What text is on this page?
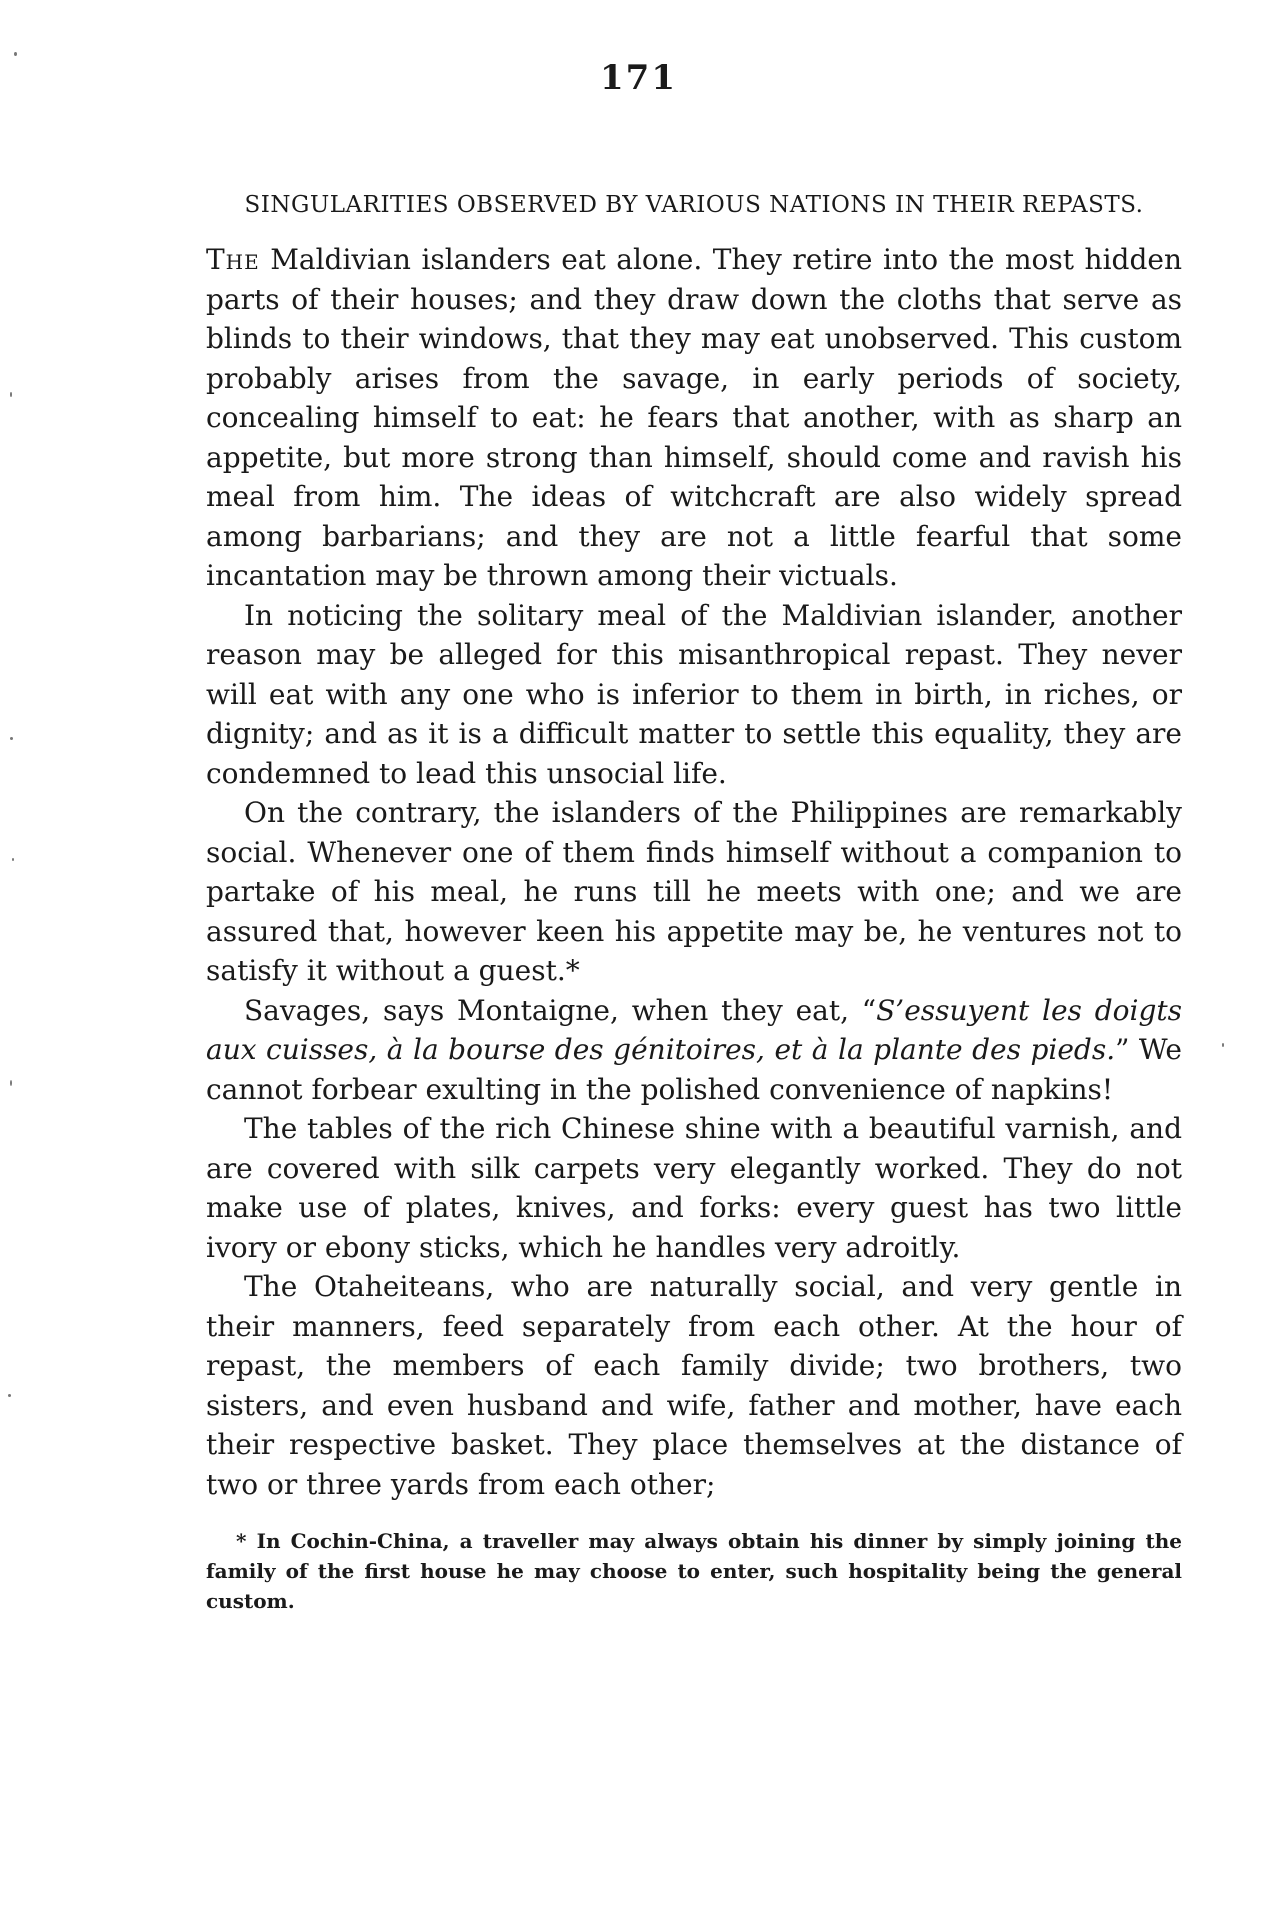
171
SINGULARITIES OBSERVED BY VARIOUS NATIONS IN THEIR REPASTS.

The Maldivian islanders eat alone. They retire into the most hidden parts of their houses; and they draw down the cloths that serve as blinds to their windows, that they may eat unobserved. This custom probably arises from the savage, in early periods of society, concealing himself to eat: he fears that another, with as sharp an appetite, but more strong than himself, should come and ravish his meal from him. The ideas of witchcraft are also widely spread among barbarians; and they are not a little fearful that some incantation may be thrown among their victuals.

In noticing the solitary meal of the Maldivian islander, another reason may be alleged for this misanthropical repast. They never will eat with any one who is inferior to them in birth, in riches, or dignity; and as it is a difficult matter to settle this equality, they are condemned to lead this unsocial life.

On the contrary, the islanders of the Philippines are remarkably social. Whenever one of them finds himself without a companion to partake of his meal, he runs till he meets with one; and we are assured that, however keen his appetite may be, he ventures not to satisfy it without a guest.*

Savages, says Montaigne, when they eat, “S’essuyent les doigts aux cuisses, à la bourse des génitoires, et à la plante des pieds.” We cannot forbear exulting in the polished convenience of napkins!

The tables of the rich Chinese shine with a beautiful varnish, and are covered with silk carpets very elegantly worked. They do not make use of plates, knives, and forks: every guest has two little ivory or ebony sticks, which he handles very adroitly.

The Otaheiteans, who are naturally social, and very gentle in their manners, feed separately from each other. At the hour of repast, the members of each family divide; two brothers, two sisters, and even husband and wife, father and mother, have each their respective basket. They place themselves at the distance of two or three yards from each other;

* In Cochin-China, a traveller may always obtain his dinner by simply joining the family of the first house he may choose to enter, such hospitality being the general custom.
